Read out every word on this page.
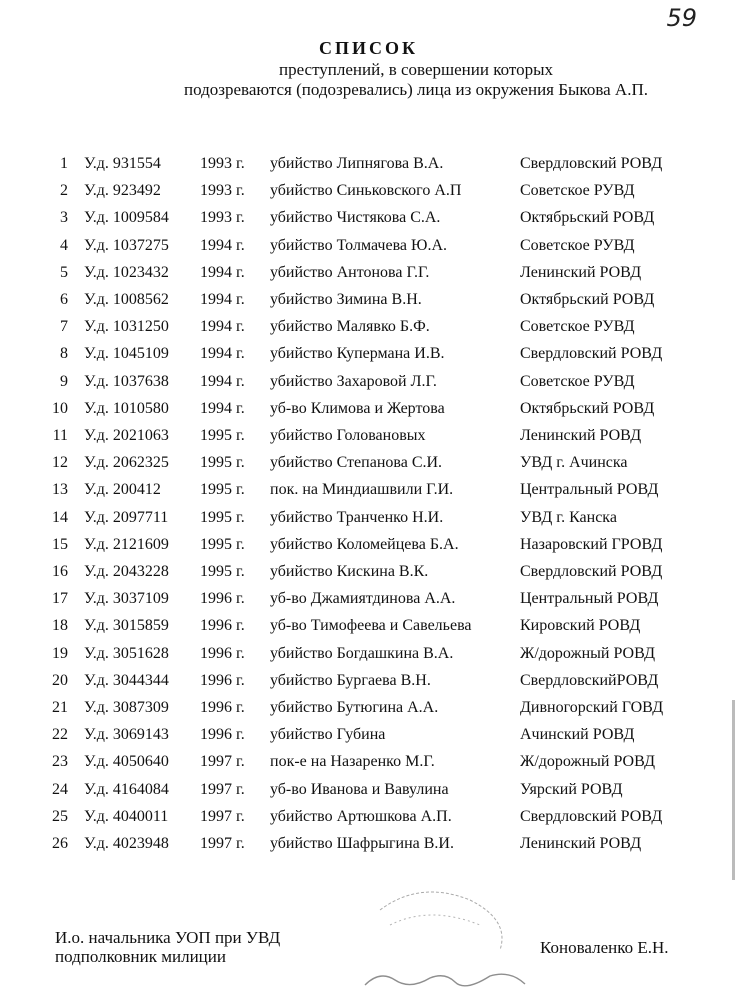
59
СПИСОК
преступлений, в совершении которых
подозреваются (подозревались) лица из окружения Быкова А.П.
1 У.д. 931554 1993 г. убийство Липнягова В.А.	Свердловский РОВД
2 У.д. 923492 1993 г. убийство Синьковского А.П	Советское РУВД
3 У.д. 1009584 1993 г. убийство Чистякова С.А.	Октябрьский РОВД
4 У.д. 1037275 1994 г. убийство Толмачева Ю.А.	Советское РУВД
5 У.д. 1023432 1994 г. убийство Антонова Г.Г.	Ленинский РОВД
6 У.д. 1008562 1994 г. убийство Зимина В.Н.	Октябрьский РОВД
7 У.д. 1031250 1994 г. убийство Малявко Б.Ф.	Советское РУВД
8 У.д. 1045109 1994 г. убийство Купермана И.В.	Свердловский РОВД
9 У.д. 1037638 1994 г. убийство Захаровой Л.Г.	Советское РУВД
10 У.д. 1010580 1994 г. уб-во Климова и Жертова	Октябрьский РОВД
11 У.д. 2021063 1995 г. убийство Головановых	Ленинский РОВД
12 У.д. 2062325 1995 г. убийство Степанова С.И.	УВД г. Ачинска
13 У.д. 200412 1995 г. пок. на Миндиашвили Г.И.	Центральный РОВД
14 У.д. 2097711 1995 г. убийство Транченко Н.И.	УВД г. Канска
15 У.д. 2121609 1995 г. убийство Коломейцева Б.А.	Назаровский ГРОВД
16 У.д. 2043228 1995 г. убийство Кискина В.К.	Свердловский РОВД
17 У.д. 3037109 1996 г. уб-во Джамиятдинова А.А.	Центральный РОВД
18 У.д. 3015859 1996 г. уб-во Тимофеева и Савельева	Кировский РОВД
19 У.д. 3051628 1996 г. убийство Богдашкина В.А.	Ж/дорожный РОВД
20 У.д. 3044344 1996 г. убийство Бургаева В.Н.	СвердловскийРОВД
21 У.д. 3087309 1996 г. убийство Бутюгина А.А.	Дивногорский ГОВД
22 У.д. 3069143 1996 г. убийство Губина	Ачинский РОВД
23 У.д. 4050640 1997 г. пок-е на Назаренко М.Г.	Ж/дорожный РОВД
24 У.д. 4164084 1997 г. уб-во Иванова и Вавулина	Уярский РОВД
25 У.д. 4040011 1997 г. убийство Артюшкова А.П.	Свердловский РОВД
26 У.д. 4023948 1997 г. убийство Шафрыгина В.И.	Ленинский РОВД
И.о. начальника УОП при УВД
подполковник милиции	Коноваленко Е.Н.
